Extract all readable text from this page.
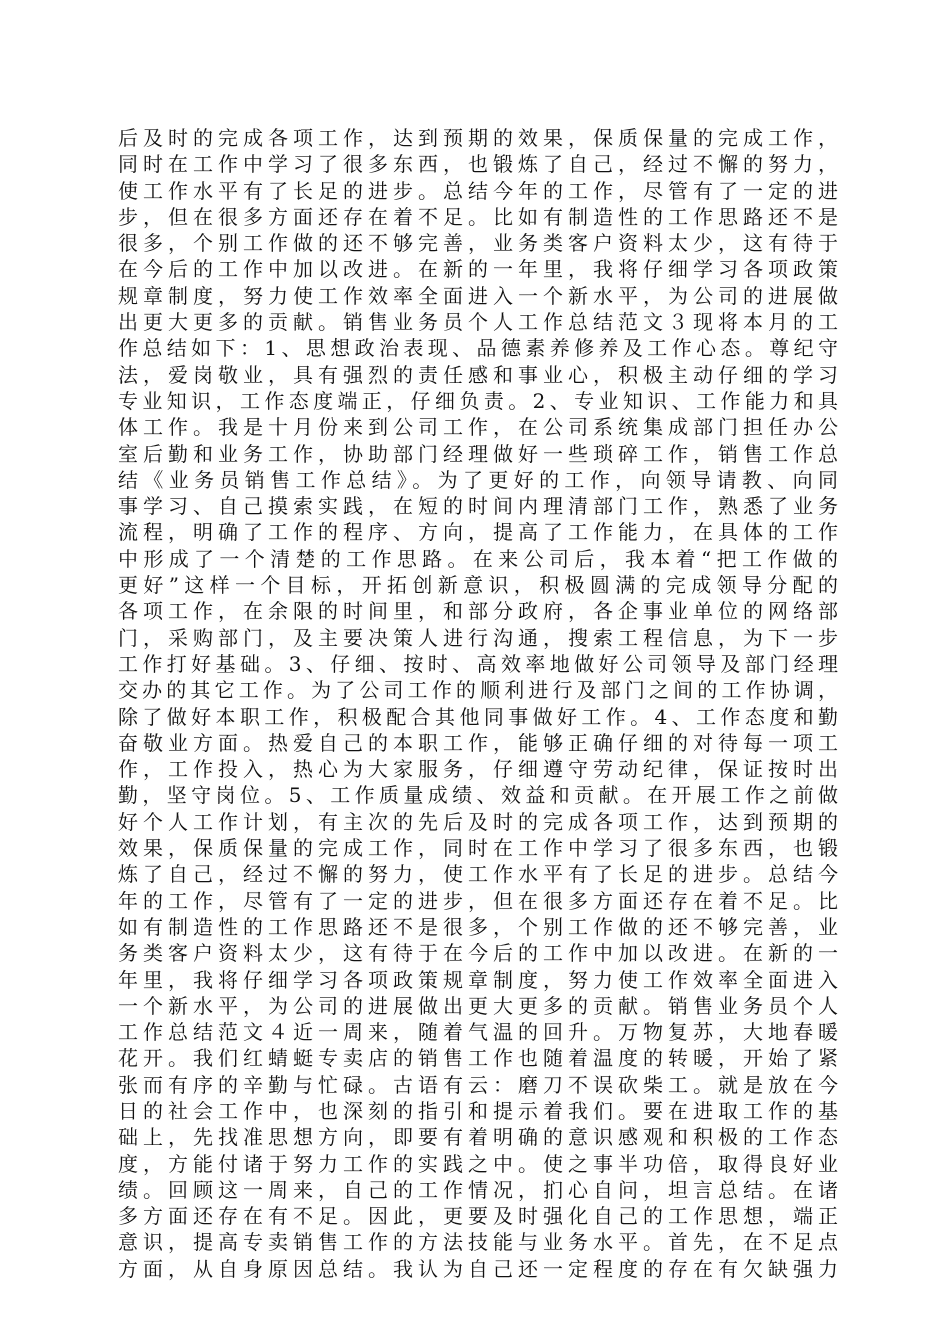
后及时的完成各项工作，达到预期的效果，保质保量的完成工作，
同时在工作中学习了很多东西，也锻炼了自己，经过不懈的努力，
使工作水平有了长足的进步。总结今年的工作，尽管有了一定的进
步，但在很多方面还存在着不足。比如有制造性的工作思路还不是
很多，个别工作做的还不够完善，业务类客户资料太少，这有待于
在今后的工作中加以改进。在新的一年里，我将仔细学习各项政策
规章制度，努力使工作效率全面进入一个新水平，为公司的进展做
出更大更多的贡献。销售业务员个人工作总结范文３现将本月的工
作总结如下：1、思想政治表现、品德素养修养及工作心态。尊纪守
法，爱岗敬业，具有强烈的责任感和事业心，积极主动仔细的学习
专业知识，工作态度端正，仔细负责。2、专业知识、工作能力和具
体工作。我是十月份来到公司工作，在公司系统集成部门担任办公
室后勤和业务工作，协助部门经理做好一些琐碎工作，销售工作总
结《业务员销售工作总结》。为了更好的工作，向领导请教、向同
事学习、自己摸索实践，在短的时间内理清部门工作，熟悉了业务
流程，明确了工作的程序、方向，提高了工作能力，在具体的工作
中形成了一个清楚的工作思路。在来公司后，我本着“把工作做的
更好”这样一个目标，开拓创新意识，积极圆满的完成领导分配的
各项工作，在余限的时间里，和部分政府，各企事业单位的网络部
门，采购部门，及主要决策人进行沟通，搜索工程信息，为下一步
工作打好基础。3、仔细、按时、高效率地做好公司领导及部门经理
交办的其它工作。为了公司工作的顺利进行及部门之间的工作协调，
除了做好本职工作，积极配合其他同事做好工作。4、工作态度和勤
奋敬业方面。热爱自己的本职工作，能够正确仔细的对待每一项工
作，工作投入，热心为大家服务，仔细遵守劳动纪律，保证按时出
勤，坚守岗位。5、工作质量成绩、效益和贡献。在开展工作之前做
好个人工作计划，有主次的先后及时的完成各项工作，达到预期的
效果，保质保量的完成工作，同时在工作中学习了很多东西，也锻
炼了自己，经过不懈的努力，使工作水平有了长足的进步。总结今
年的工作，尽管有了一定的进步，但在很多方面还存在着不足。比
如有制造性的工作思路还不是很多，个别工作做的还不够完善，业
务类客户资料太少，这有待于在今后的工作中加以改进。在新的一
年里，我将仔细学习各项政策规章制度，努力使工作效率全面进入
一个新水平，为公司的进展做出更大更多的贡献。销售业务员个人
工作总结范文４近一周来，随着气温的回升。万物复苏，大地春暖
花开。我们红蜻蜓专卖店的销售工作也随着温度的转暖，开始了紧
张而有序的辛勤与忙碌。古语有云：磨刀不误砍柴工。就是放在今
日的社会工作中，也深刻的指引和提示着我们。要在进取工作的基
础上，先找准思想方向，即要有着明确的意识感观和积极的工作态
度，方能付诸于努力工作的实践之中。使之事半功倍，取得良好业
绩。回顾这一周来，自己的工作情况，扪心自问，坦言总结。在诸
多方面还存在有不足。因此，更要及时强化自己的工作思想，端正
意识，提高专卖销售工作的方法技能与业务水平。首先，在不足点
方面，从自身原因总结。我认为自己还一定程度的存在有欠缺强力
